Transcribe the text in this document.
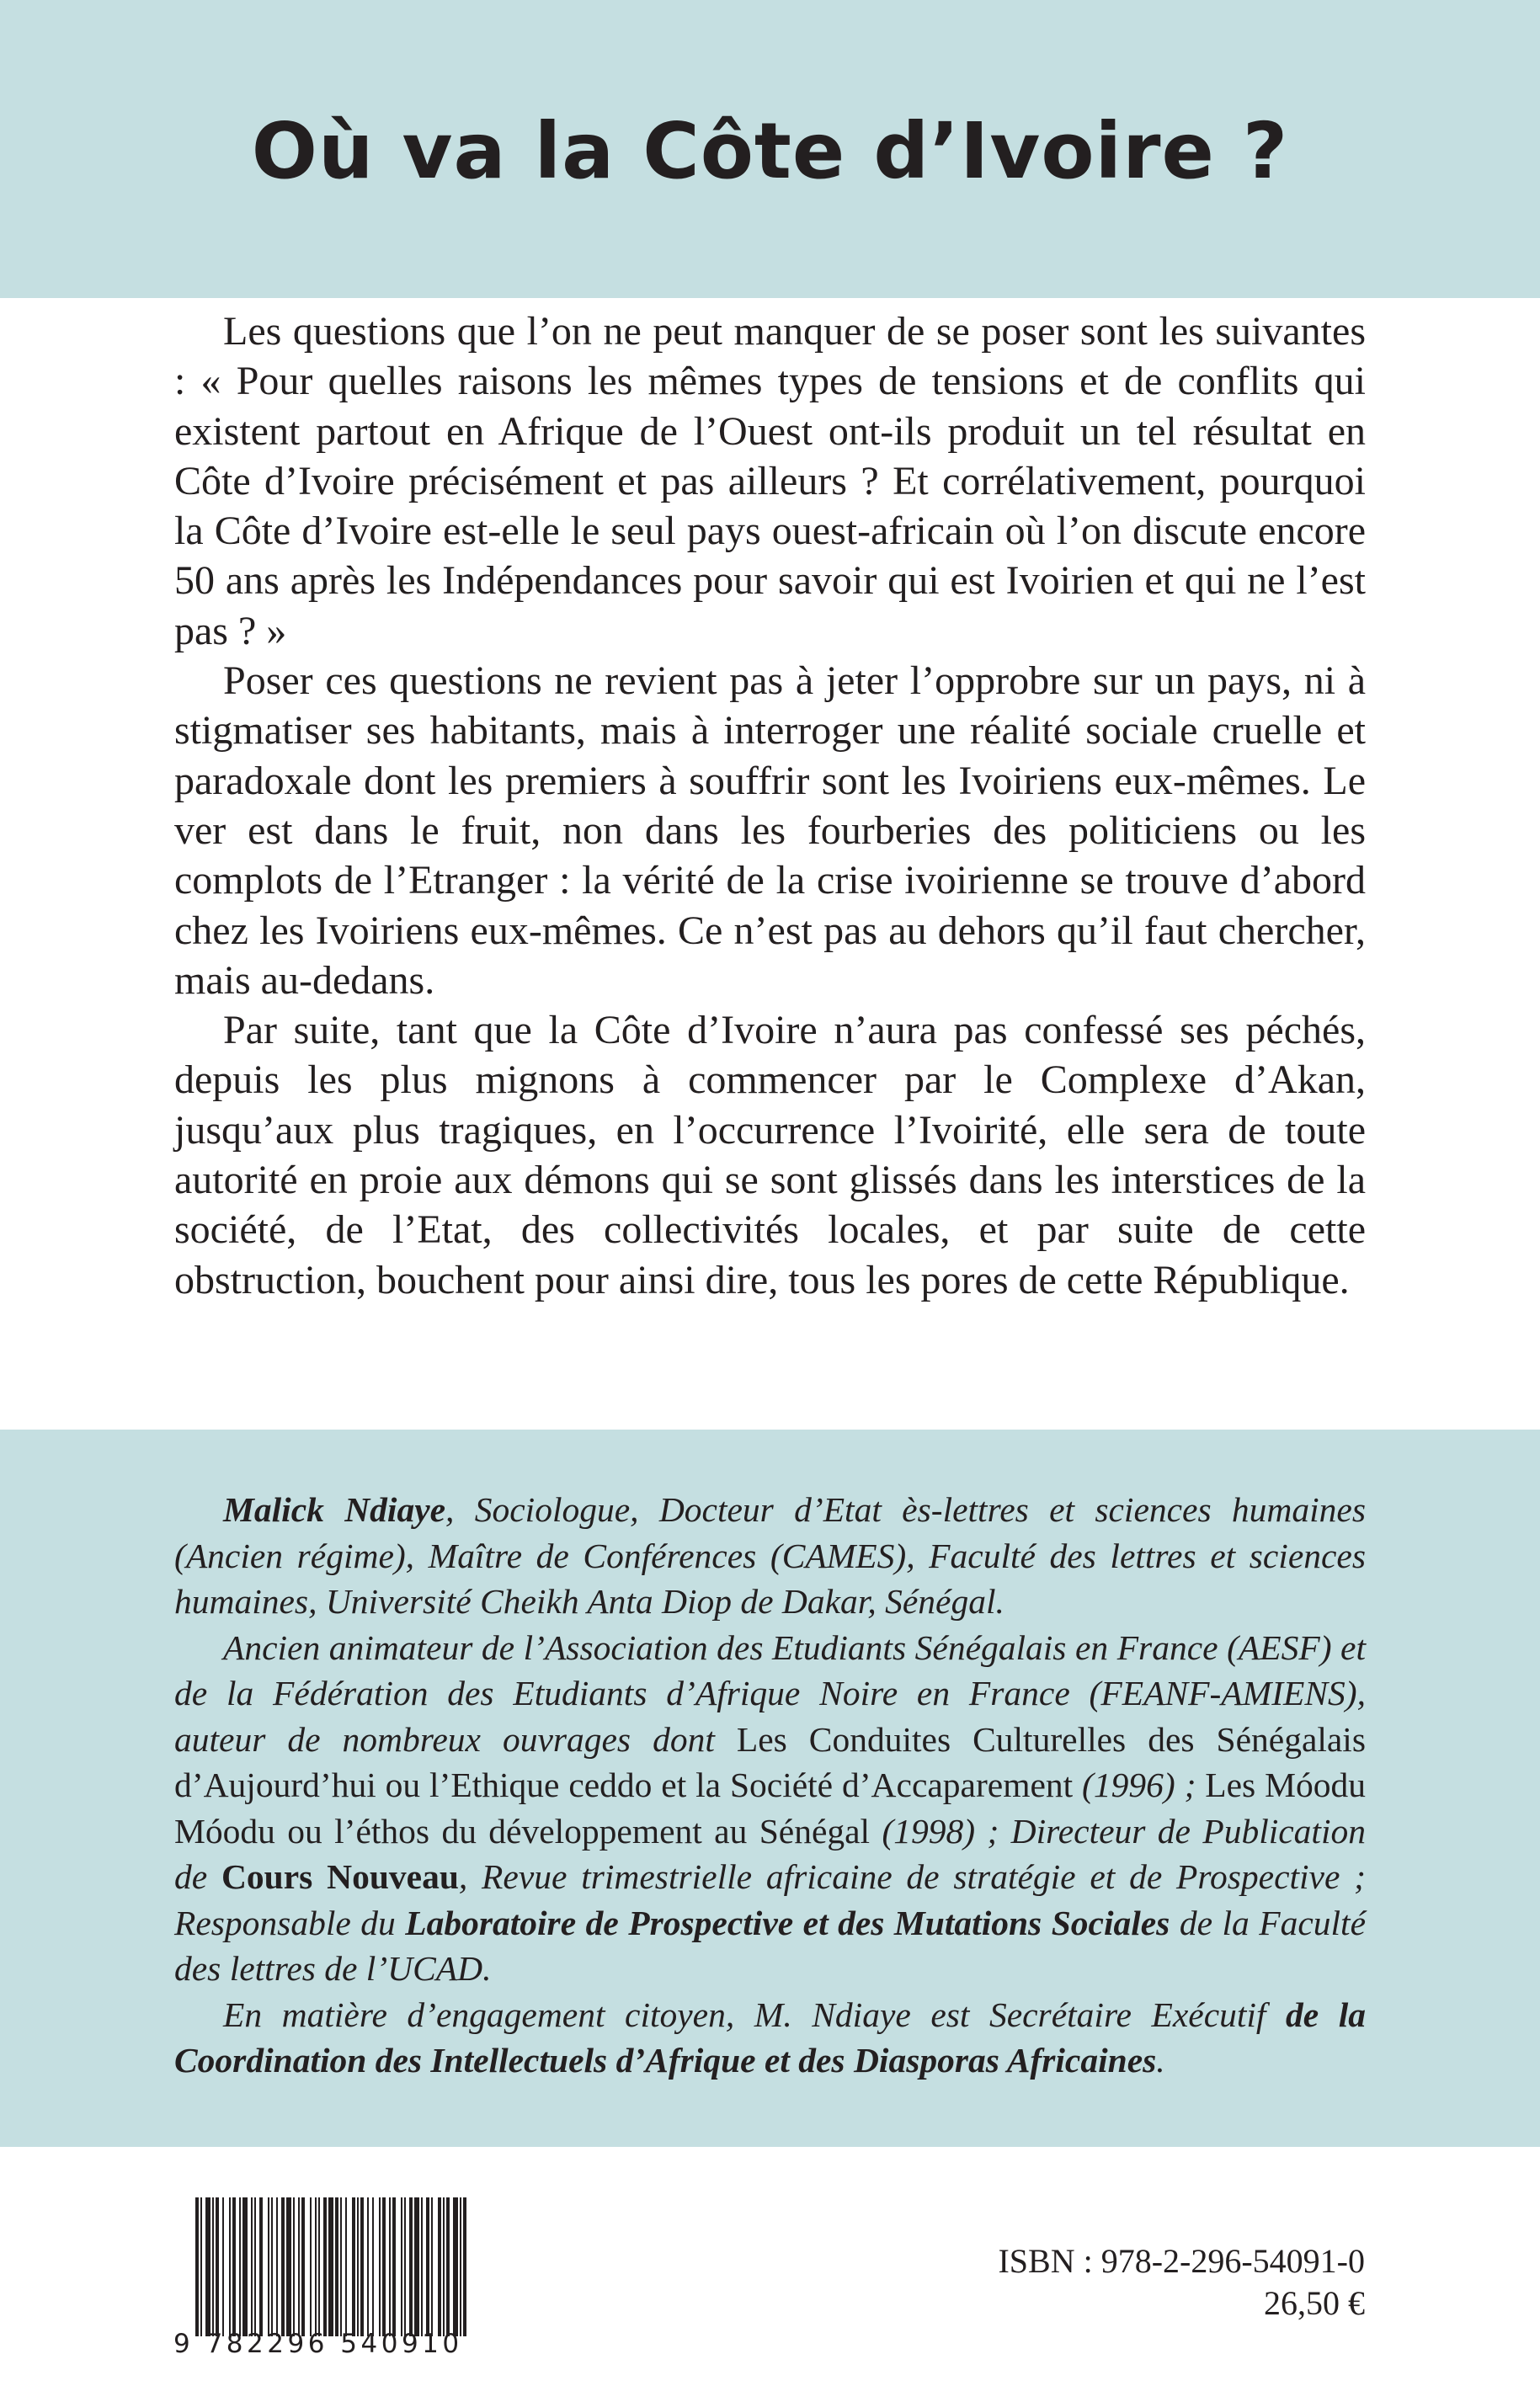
Où va la Côte d’Ivoire ?

Les questions que l’on ne peut manquer de se poser sont les suivantes : « Pour quelles raisons les mêmes types de tensions et de conflits qui existent partout en Afrique de l’Ouest ont-ils produit un tel résultat en Côte d’Ivoire précisément et pas ailleurs ? Et corrélativement, pourquoi la Côte d’Ivoire est-elle le seul pays ouest-africain où l’on discute encore 50 ans après les Indépendances pour savoir qui est Ivoirien et qui ne l’est pas ? »

Poser ces questions ne revient pas à jeter l’opprobre sur un pays, ni à stigmatiser ses habitants, mais à interroger une réalité sociale cruelle et paradoxale dont les premiers à souffrir sont les Ivoiriens eux-mêmes. Le ver est dans le fruit, non dans les fourberies des politiciens ou les complots de l’Etranger : la vérité de la crise ivoirienne se trouve d’abord chez les Ivoiriens eux-mêmes. Ce n’est pas au dehors qu’il faut chercher, mais au-dedans.

Par suite, tant que la Côte d’Ivoire n’aura pas confessé ses péchés, depuis les plus mignons à commencer par le Complexe d’Akan, jusqu’aux plus tragiques, en l’occurrence l’Ivoirité, elle sera de toute autorité en proie aux démons qui se sont glissés dans les interstices de la société, de l’Etat, des collectivités locales, et par suite de cette obstruction, bouchent pour ainsi dire, tous les pores de cette République.

Malick Ndiaye, Sociologue, Docteur d’Etat ès-lettres et sciences humaines (Ancien régime), Maître de Conférences (CAMES), Faculté des lettres et sciences humaines, Université Cheikh Anta Diop de Dakar, Sénégal.

Ancien animateur de l’Association des Etudiants Sénégalais en France (AESF) et de la Fédération des Etudiants d’Afrique Noire en France (FEANF-AMIENS), auteur de nombreux ouvrages dont Les Conduites Culturelles des Sénégalais d’Aujourd’hui ou l’Ethique ceddo et la Société d’Accaparement (1996) ; Les Móodu Móodu ou l’éthos du développement au Sénégal (1998) ; Directeur de Publication de Cours Nouveau, Revue trimestrielle africaine de stratégie et de Prospective ; Responsable du Laboratoire de Prospective et des Mutations Sociales de la Faculté des lettres de l’UCAD.

En matière d’engagement citoyen, M. Ndiaye est Secrétaire Exécutif de la Coordination des Intellectuels d’Afrique et des Diasporas Africaines.

9 782296 540910
ISBN : 978-2-296-54091-0
26,50 €
